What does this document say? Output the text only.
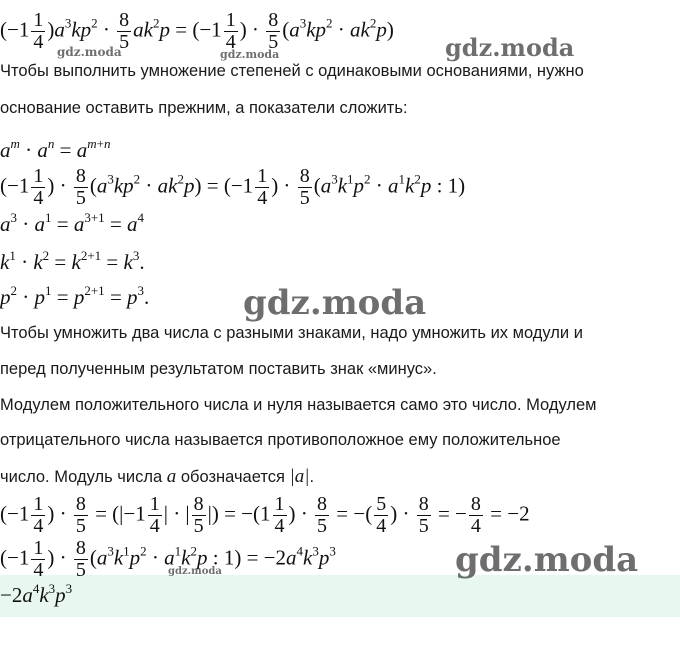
$(-1 \frac{1}{4} )a^3kp^2 \cdot \frac{8}{5} ak^2p = (-1 \frac{1}{4}$ ) · $\frac{8}{5} (a^3kp^2 \cdot ak^2p)$
Чтобы выполнить умножение степеней с одинаковыми основаниями, нужно
основание оставить прежним, а показатели сложить:
$a^m \cdot a^n = a^{m+n}$
($-1 \frac{1}{4}$ ) · $\frac{8}{5} (a^3kp^2 \cdot ak^2p) = (-1 \frac{1}{4}$ ) · $\frac{8}{5} (a^3k^1p^2 \cdot a^1k^2p$ : 1)
$a^3 \cdot a^1 = a^{3+1} = a^4$
$k^1 \cdot k^2 = k^{2+1} = k^3$.
$p^2 \cdot p^1 = p^{2+1} = p^3$.
Чтобы умножить два числа с разными знаками, надо умножить их модули и
перед полученным результатом поставить знак «минус».
Модулем положительного числа и нуля называется само это число. Модулем
отрицательного числа называется противоположное ему положительное
число. Модуль числа a обозначается |a|.
($-1 \frac{1}{4}$ ) · $\frac{8}{5} = (|-1 \frac{1}{4}$ | · | $\frac{8}{5}$ |) = $-(1 \frac{1}{4}$ ) · $\frac{8}{5}$ = −( $\frac{5}{4}$ ) · $\frac{8}{5}$ = − $\frac{8}{4} = -2$
($-1 \frac{1}{4}$ ) · $\frac{8}{5} (a^3k^1p^2 \cdot a^1k^2p$ : $1) = -2a^4k^3p^3$
$-2a^4k^3p^3$
gdz.moda	gdz.moda	gdz.moda
gdz.moda
gdz.moda	gdz.moda
